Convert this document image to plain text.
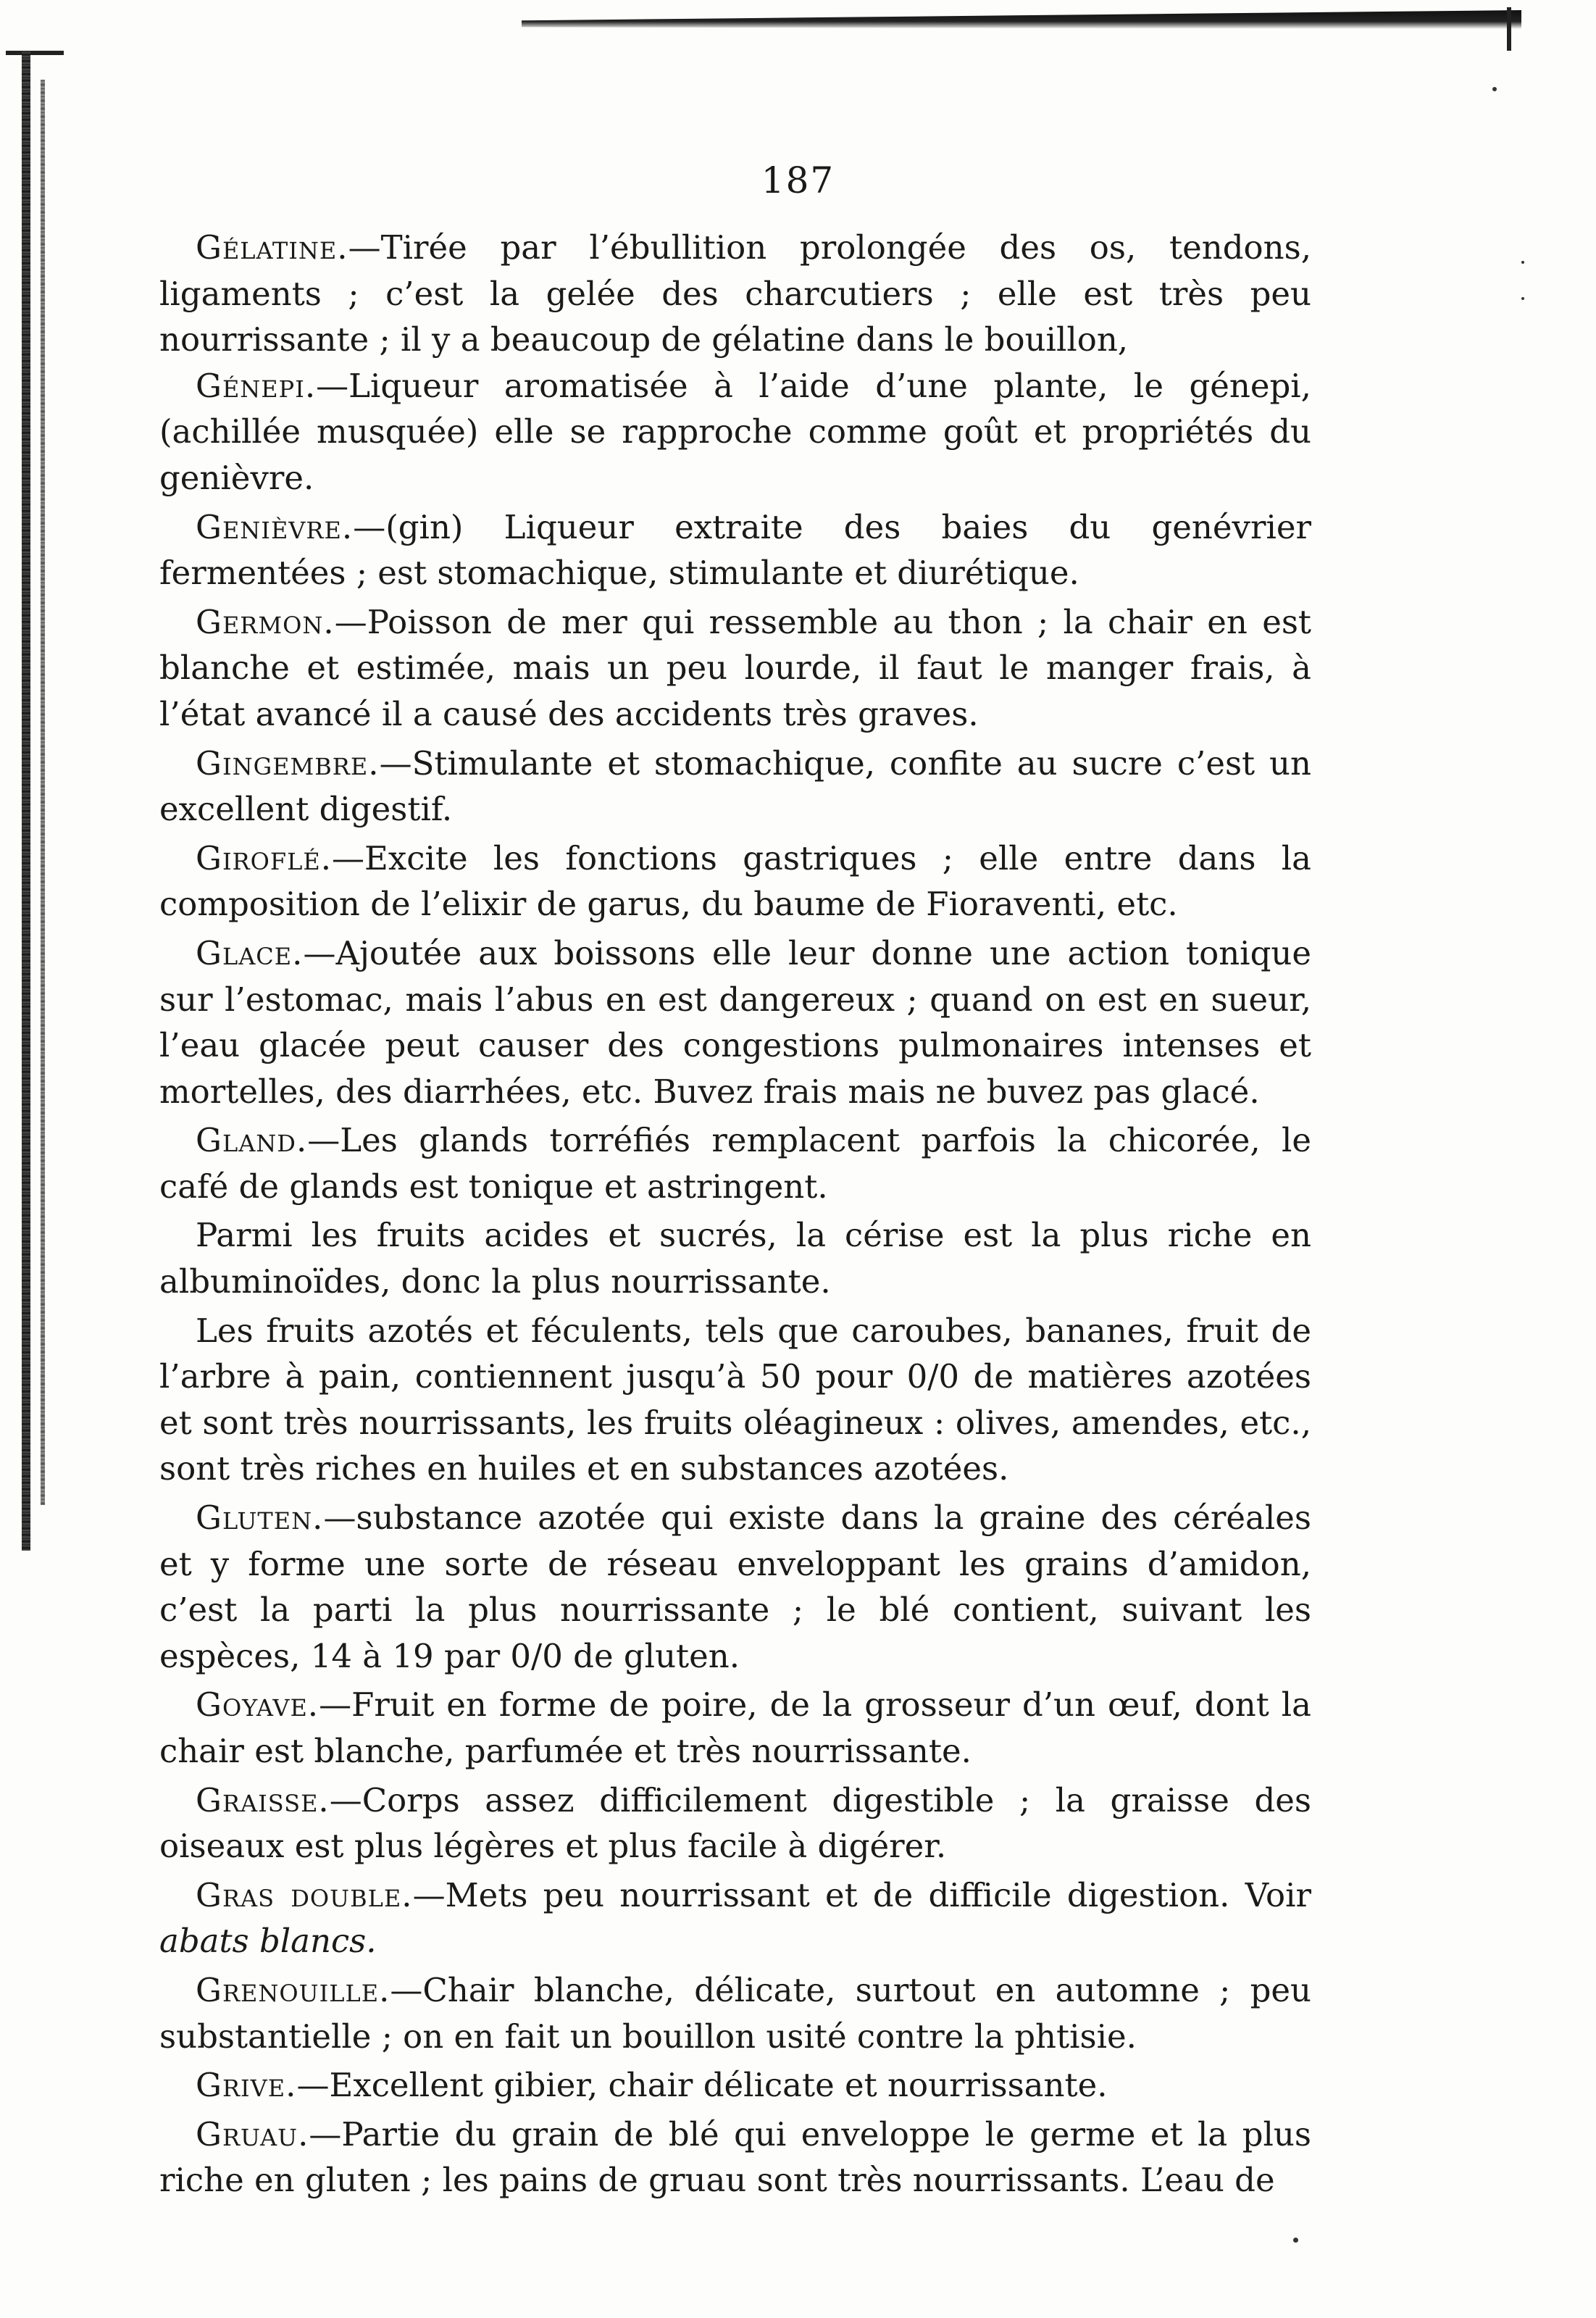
187

Gélatine.—Tirée par l’ébullition prolongée des os, tendons, ligaments ; c’est la gelée des charcutiers ; elle est très peu nourrissante ; il y a beaucoup de gélatine dans le bouillon,

Génepi.—Liqueur aromatisée à l’aide d’une plante, le génepi, (achillée musquée) elle se rapproche comme goût et propriétés du genièvre.

Genièvre.—(gin) Liqueur extraite des baies du genévrier fermentées ; est stomachique, stimulante et diurétique.

Germon.—Poisson de mer qui ressemble au thon ; la chair en est blanche et estimée, mais un peu lourde, il faut le manger frais, à l’état avancé il a causé des accidents très graves.

Gingembre.—Stimulante et stomachique, confite au sucre c’est un excellent digestif.

Giroflé.—Excite les fonctions gastriques ; elle entre dans la composition de l’elixir de garus, du baume de Fioraventi, etc.

Glace.—Ajoutée aux boissons elle leur donne une action tonique sur l’estomac, mais l’abus en est dangereux ; quand on est en sueur, l’eau glacée peut causer des congestions pulmonaires intenses et mortelles, des diarrhées, etc. Buvez frais mais ne buvez pas glacé.

Gland.—Les glands torréfiés remplacent parfois la chicorée, le café de glands est tonique et astringent.

Parmi les fruits acides et sucrés, la cérise est la plus riche en albuminoïdes, donc la plus nourrissante.

Les fruits azotés et féculents, tels que caroubes, bananes, fruit de l’arbre à pain, contiennent jusqu’à 50 pour 0/0 de matières azotées et sont très nourrissants, les fruits oléagineux : olives, amendes, etc., sont très riches en huiles et en substances azotées.

Gluten.—substance azotée qui existe dans la graine des céréales et y forme une sorte de réseau enveloppant les grains d’amidon, c’est la parti la plus nourrissante ; le blé contient, suivant les espèces, 14 à 19 par 0/0 de gluten.

Goyave.—Fruit en forme de poire, de la grosseur d’un œuf, dont la chair est blanche, parfumée et très nourrissante.

Graisse.—Corps assez difficilement digestible ; la graisse des oiseaux est plus légères et plus facile à digérer.

Gras double.—Mets peu nourrissant et de difficile digestion. Voir abats blancs.

Grenouille.—Chair blanche, délicate, surtout en automne ; peu substantielle ; on en fait un bouillon usité contre la phtisie.

Grive.—Excellent gibier, chair délicate et nourrissante.

Gruau.—Partie du grain de blé qui enveloppe le germe et la plus riche en gluten ; les pains de gruau sont très nourrissants. L’eau de
